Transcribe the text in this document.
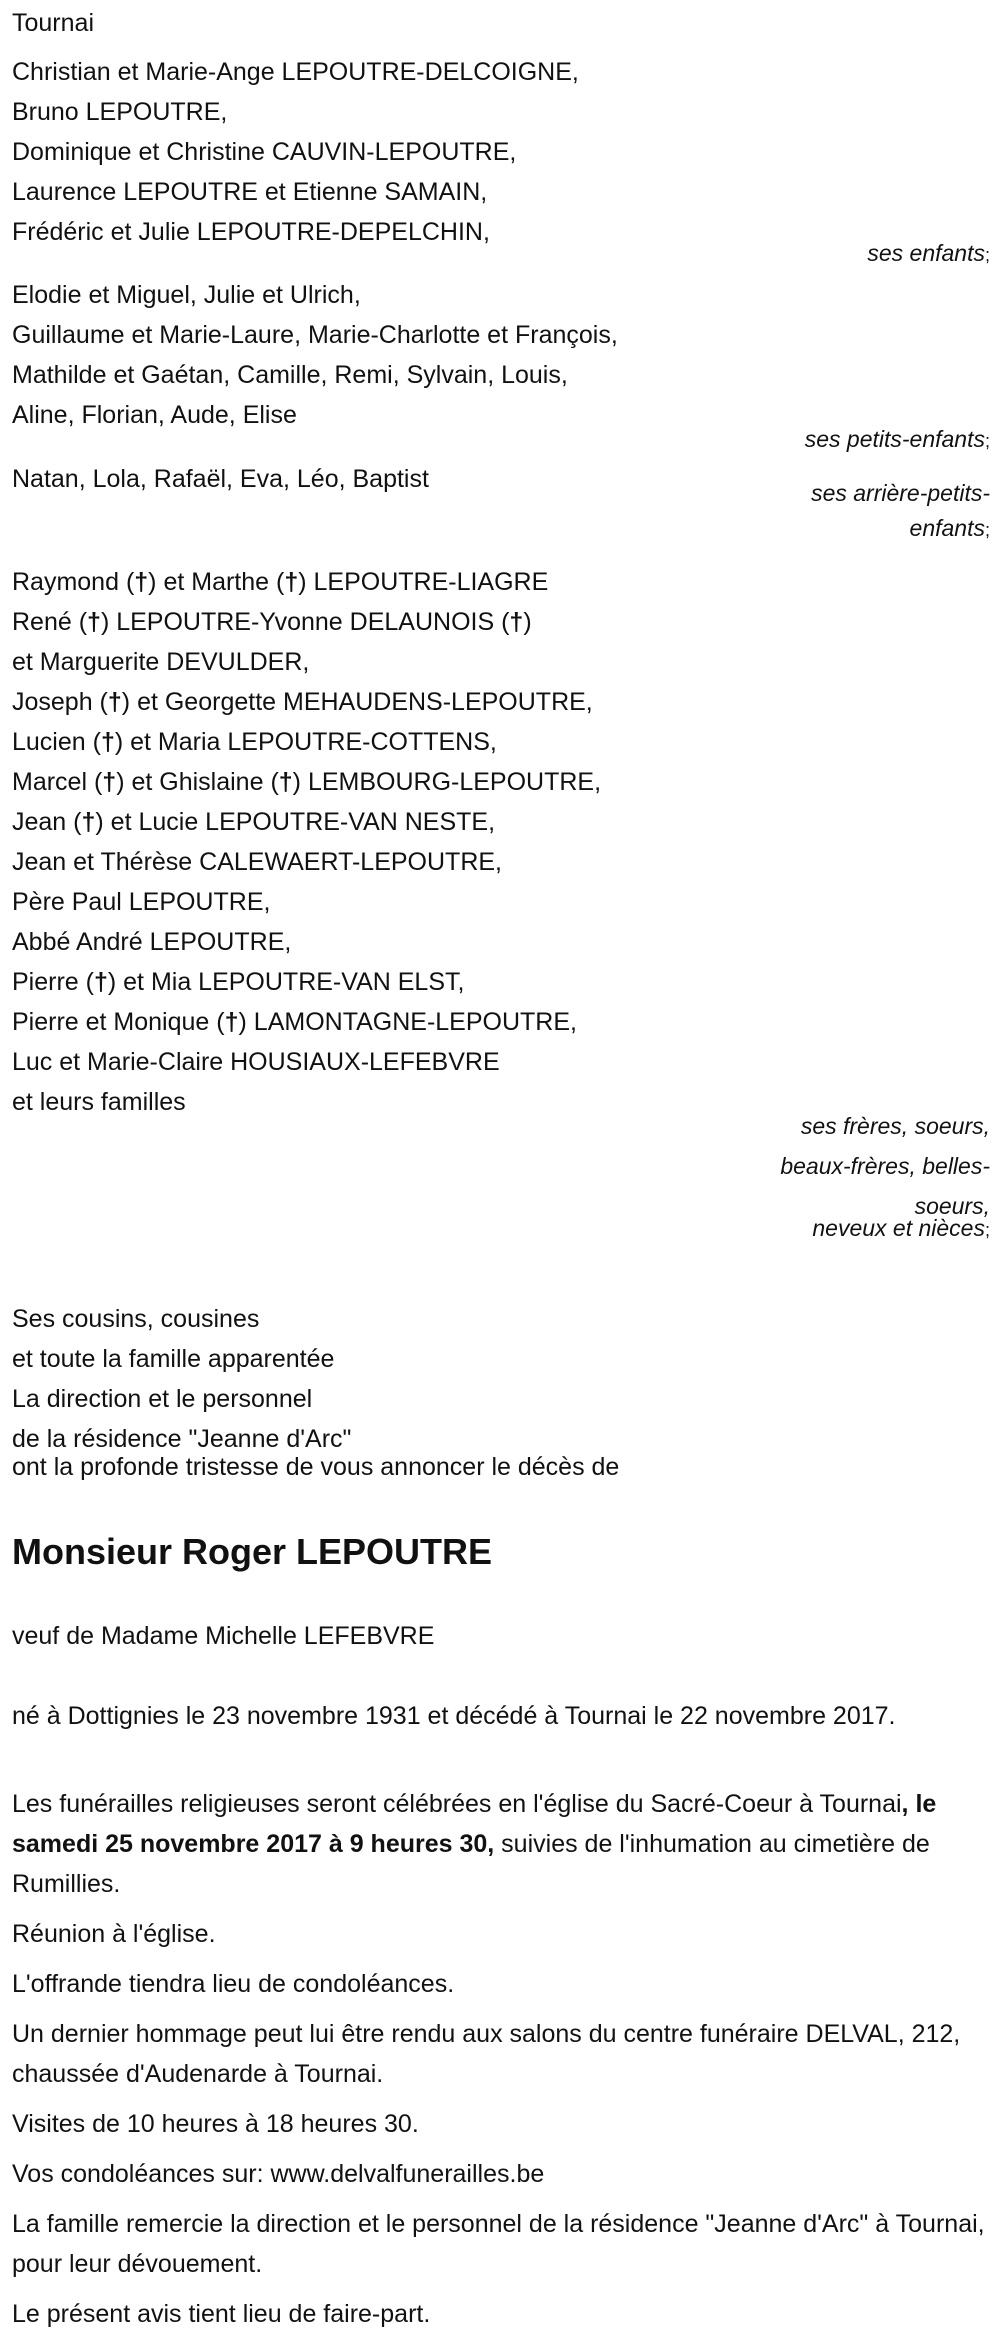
Tournai
Christian et Marie-Ange LEPOUTRE-DELCOIGNE,
Bruno LEPOUTRE,
Dominique et Christine CAUVIN-LEPOUTRE,
Laurence LEPOUTRE et Etienne SAMAIN,
Frédéric et Julie LEPOUTRE-DEPELCHIN,
ses enfants;
Elodie et Miguel, Julie et Ulrich,
Guillaume et Marie-Laure, Marie-Charlotte et François,
Mathilde et Gaétan, Camille, Remi, Sylvain, Louis,
Aline, Florian, Aude, Elise
ses petits-enfants;
Natan, Lola, Rafaël, Eva, Léo, Baptist	ses arrière-petits-
enfants;
Raymond (†) et Marthe (†) LEPOUTRE-LIAGRE
René (†) LEPOUTRE-Yvonne DELAUNOIS (†)
et Marguerite DEVULDER,
Joseph (†) et Georgette MEHAUDENS-LEPOUTRE,
Lucien (†) et Maria LEPOUTRE-COTTENS,
Marcel (†) et Ghislaine (†) LEMBOURG-LEPOUTRE,
Jean (†) et Lucie LEPOUTRE-VAN NESTE,
Jean et Thérèse CALEWAERT-LEPOUTRE,
Père Paul LEPOUTRE,
Abbé André LEPOUTRE,
Pierre (†) et Mia LEPOUTRE-VAN ELST,
Pierre et Monique (†) LAMONTAGNE-LEPOUTRE,
Luc et Marie-Claire HOUSIAUX-LEFEBVRE
et leurs familles
ses frères, soeurs,
beaux-frères, belles-
soeurs,
neveux et nièces;
Ses cousins, cousines
et toute la famille apparentée
La direction et le personnel
de la résidence "Jeanne d'Arc"
ont la profonde tristesse de vous annoncer le décès de
Monsieur Roger LEPOUTRE
veuf de Madame Michelle LEFEBVRE
né à Dottignies le 23 novembre 1931 et décédé à Tournai le 22 novembre 2017.
Les funérailles religieuses seront célébrées en l'église du Sacré-Coeur à Tournai, le samedi 25 novembre 2017 à 9 heures 30, suivies de l'inhumation au cimetière de Rumillies.
Réunion à l'église.
L'offrande tiendra lieu de condoléances.
Un dernier hommage peut lui être rendu aux salons du centre funéraire DELVAL, 212, chaussée d'Audenarde à Tournai.
Visites de 10 heures à 18 heures 30.
Vos condoléances sur: www.delvalfunerailles.be
La famille remercie la direction et le personnel de la résidence "Jeanne d'Arc" à Tournai, pour leur dévouement.
Le présent avis tient lieu de faire-part.
